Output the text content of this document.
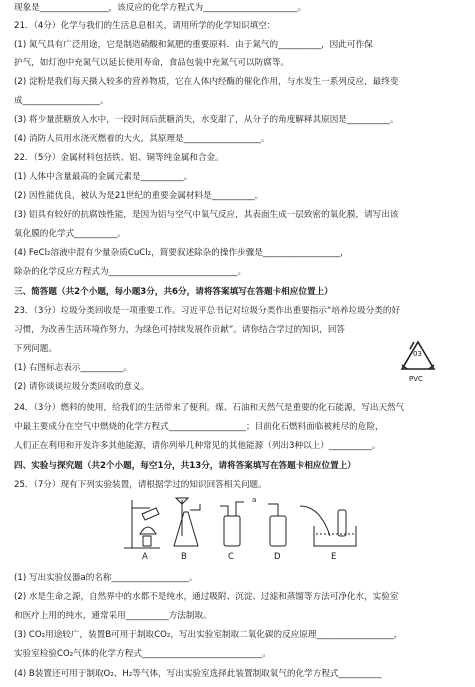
现象是________________，该反应的化学方程式为______________________。
21．（4分）化学与我们的生活息息相关，请用所学的化学知识填空：
(1) 氮气具有广泛用途，它是制造硝酸和氮肥的重要原料．由于氮气的__________，因此可作保
护气，如灯泡中充氮气以延长使用寿命，食品包装中充氮气可以防腐等。
(2) 淀粉是我们每天摄入较多的营养物质，它在人体内经酶的催化作用，与水发生一系列反应，最终变
成__________________。
(3) 将少量蔗糖放入水中，一段时间后蔗糖消失，水变甜了，从分子的角度解释其原因是__________。
(4) 消防人员用水浇灭燃着的大火，其原理是__________________。
22．（5分）金属材料包括铁、铝、铜等纯金属和合金。
(1) 人体中含量最高的金属元素是__________。
(2) 因性能优良，被认为是21世纪的重要金属材料是__________。
(3) 铝具有较好的抗腐蚀性能，是因为铝与空气中氧气反应，其表面生成一层致密的氧化膜，请写出该
氧化膜的化学式__________。
(4) FeCl₂溶液中混有少量杂质CuCl₂，简要叙述除杂的操作步骤是__________________，
除杂的化学反应方程式为______________________________。
三、简答题（共2个小题，每小题3分，共6分，请将答案填写在答题卡相应位置上）
23．（3分）垃圾分类回收是一项重要工作。习近平总书记对垃圾分类作出重要指示“培养垃圾分类的好
习惯，为改善生活环境作努力，为绿色可持续发展作贡献”。请你结合学过的知识，回答
下列问题。
(1) 右图标志表示__________。
(2) 请你谈谈垃圾分类回收的意义。
24．（3分）燃料的使用，给我们的生活带来了便利。煤、石油和天然气是重要的化石能源，写出天然气
中最主要成分在空气中燃烧的化学方程式__________________；目前化石燃料面临被耗尽的危险，
人们正在利用和开发许多其他能源，请你列举几种常见的其他能源（列出3种以上）__________。
四、实验与探究题（共2个小题，每空1分，共13分，请将答案填写在答题卡相应位置上）
25．（7分）现有下列实验装置，请根据学过的知识回答相关问题。
A	B	C	D	E
a
03
PVC
(1) 写出实验仪器a的名称__________________。
(2) 水是生命之源，自然界中的水都不是纯水，通过吸附、沉淀、过滤和蒸馏等方法可净化水，实验室
和医疗上用的纯水，通常采用__________方法制取。
(3) CO₂用途较广，装置B可用于制取CO₂，写出实验室制取二氧化碳的反应原理__________________，
实验室检验CO₂气体的化学方程式____________________________。
(4) B装置还可用于制取O₂、H₂等气体，写出实验室选择此装置制取氧气的化学方程式__________
